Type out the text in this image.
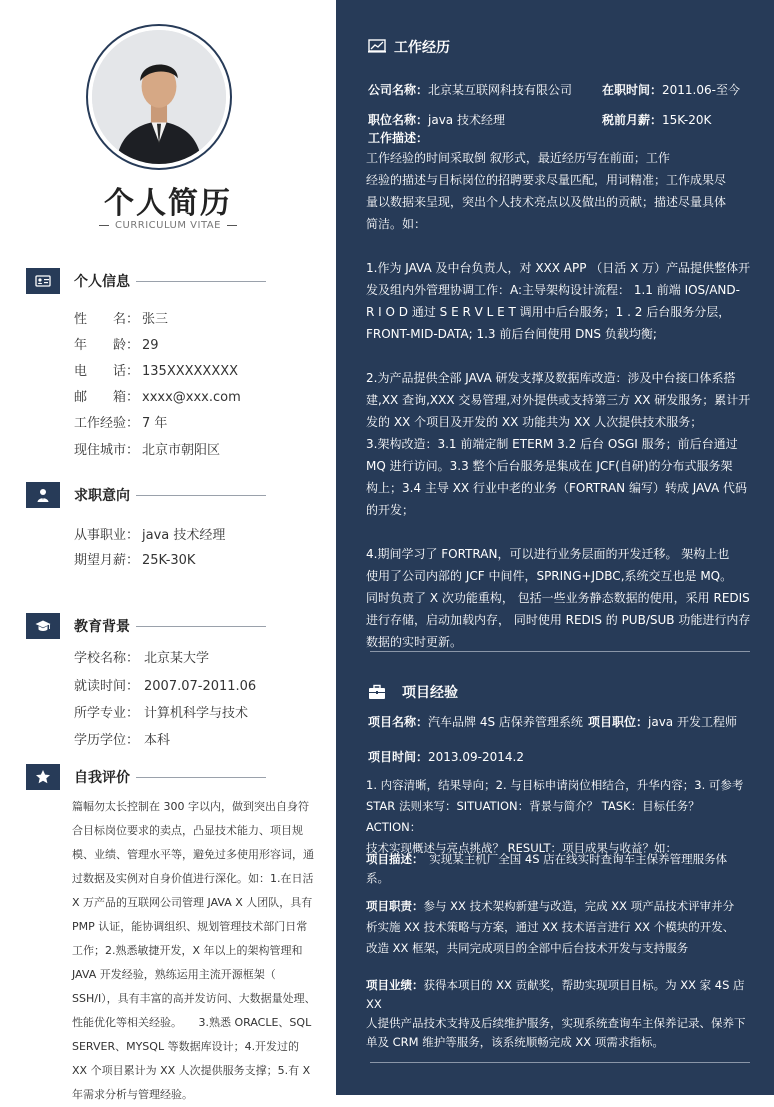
个人简历
CURRICULUM VITAE
个人信息
性　　名： 张三
年　　龄： 29
电　　话： 135XXXXXXXX
邮　　箱： xxxx@xxx.com
工作经验： 7 年
现住城市： 北京市朝阳区
求职意向
从事职业： java 技术经理
期望月薪： 25K-30K
教育背景
学校名称： 北京某大学
就读时间： 2007.07-2011.06
所学专业： 计算机科学与技术
学历学位： 本科
自我评价
篇幅勿太长控制在 300 字以内，做到突出自身符合目标岗位要求的卖点，凸显技术能力、项目规模、业绩、管理水平等，避免过多使用形容词，通过数据及实例对自身价值进行深化。如：1.在日活 X 万产品的互联网公司管理 JAVA X 人团队，具有 PMP 认证，能协调组织、规划管理技术部门日常工作；2.熟悉敏捷开发，X 年以上的架构管理和 JAVA 开发经验，熟练运用主流开源框架（ SSH/I），具有丰富的高并发访问、大数据量处理、性能优化等相关经验。　　3.熟悉 ORACLE、SQL SERVER、MYSQL 等数据库设计；4.开发过的 XX 个项目累计为 XX 人次提供服务支撑；5.有 X 年需求分析与管理经验。
工作经历
公司名称：北京某互联网科技有限公司 在职时间：2011.06-至今
职位名称：java 技术经理	税前月薪：15K-20K
工作描述：
工作经验的时间采取倒 叙形式，最近经历写在前面；工作
经验的描述与目标岗位的招聘要求尽量匹配，用词精准；工作成果尽
量以数据来呈现，突出个人技术亮点以及做出的贡献；描述尽量具体
简洁。如：
1.作为 JAVA 及中台负责人，对 XXX APP （日活 X 万）产品提供整体开
发及组内外管理协调工作：A:主导架构设计流程： 1.1 前端 IOS/AND-
R I O D 通过 S E R V L E T 调用中后台服务；1 . 2 后台服务分层，
FRONT-MID-DATA; 1.3 前后台间使用 DNS 负载均衡;
2.为产品提供全部 JAVA 研发支撑及数据库改造：涉及中台接口体系搭
建,XX 查询,XXX 交易管理,对外提供或支持第三方 XX 研发服务；累计开
发的 XX 个项目及开发的 XX 功能共为 XX 人次提供技术服务；
3.架构改造：3.1 前端定制 ETERM 3.2 后台 OSGI 服务；前后台通过
MQ 进行访问。3.3 整个后台服务是集成在 JCF(自研)的分布式服务架
构上；3.4 主导 XX 行业中老的业务（FORTRAN 编写）转成 JAVA 代码
的开发；
4.期间学习了 FORTRAN，可以进行业务层面的开发迁移。 架构上也
使用了公司内部的 JCF 中间件，SPRING+JDBC,系统交互也是 MQ。
同时负责了 X 次功能重构， 包括一些业务静态数据的使用，采用 REDIS
进行存储，启动加载内存， 同时使用 REDIS 的 PUB/SUB 功能进行内存
数据的实时更新。
项目经验
项目名称：汽车品牌 4S 店保养管理系统 项目职位：java 开发工程师
项目时间：2013.09-2014.2
1. 内容清晰，结果导向；2. 与目标申请岗位相结合，升华内容；3. 可参考
STAR 法则来写：SITUATION：背景与简介？ TASK：目标任务？ACTION：
技术实现概述与亮点挑战？ RESULT：项目成果与收益？如：
项目描述：　实现某主机厂全国 4S 店在线实时查询车主保养管理服务体
系。
项目职责：参与 XX 技术架构新建与改造，完成 XX 项产品技术评审并分
析实施 XX 技术策略与方案，通过 XX 技术语言进行 XX 个模块的开发、
改造 XX 框架，共同完成项目的全部中后台技术开发与支持服务
项目业绩：获得本项目的 XX 贡献奖，帮助实现项目目标。为 XX 家 4S 店 XX
人提供产品技术支持及后续维护服务，实现系统查询车主保养记录、保养下
单及 CRM 维护等服务，该系统顺畅完成 XX 项需求指标。
